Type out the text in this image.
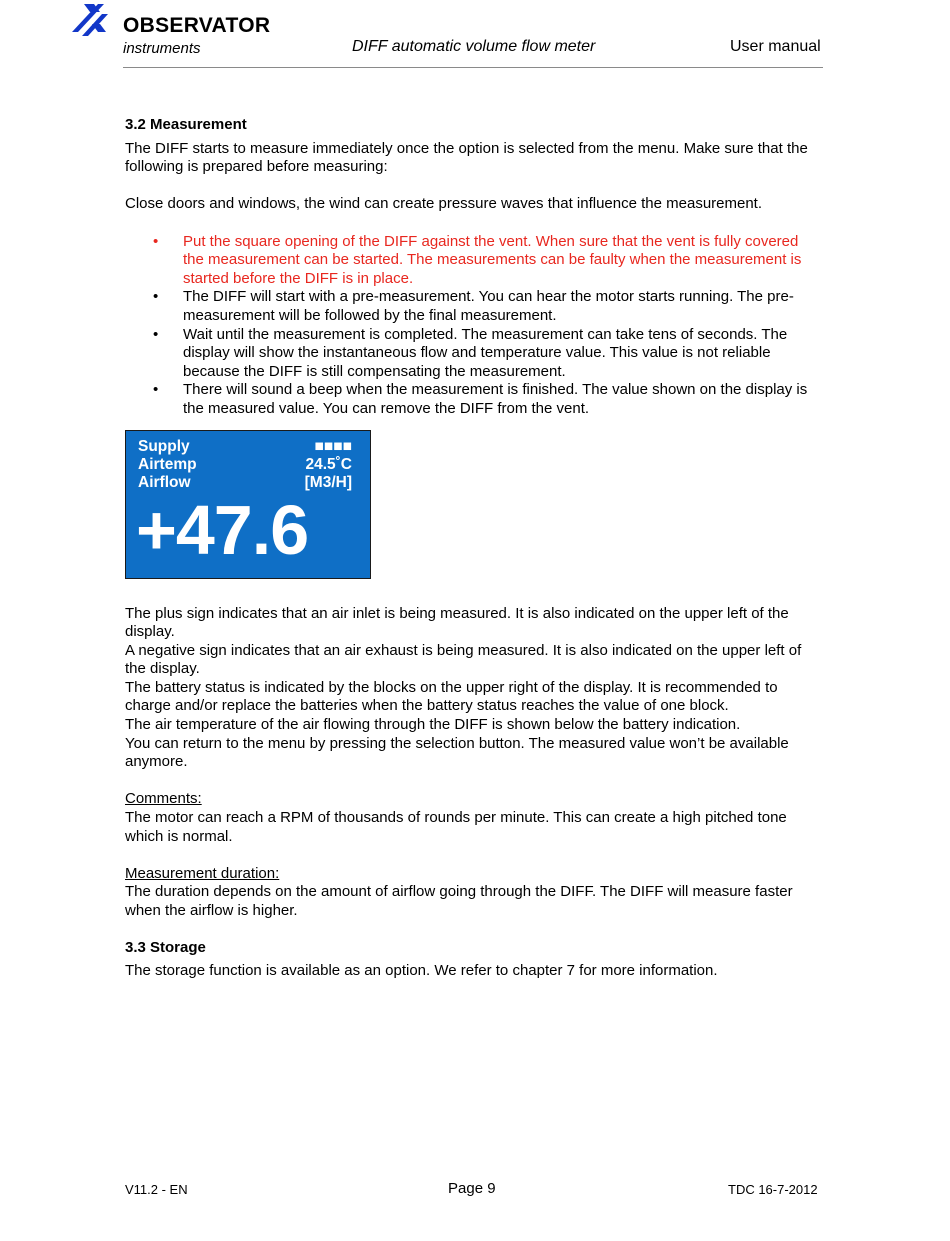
OBSERVATOR
instruments	DIFF automatic volume flow meter	User manual
3.2 Measurement

The DIFF starts to measure immediately once the option is selected from the menu. Make sure that the following is prepared before measuring:

Close doors and windows, the wind can create pressure waves that influence the measurement.

• Put the square opening of the DIFF against the vent. When sure that the vent is fully covered the measurement can be started. The measurements can be faulty when the measurement is started before the DIFF is in place.
• The DIFF will start with a pre-measurement. You can hear the motor starts running. The pre-measurement will be followed by the final measurement.
• Wait until the measurement is completed. The measurement can take tens of seconds. The display will show the instantaneous flow and temperature value. This value is not reliable because the DIFF is still compensating the measurement.
• There will sound a beep when the measurement is finished. The value shown on the display is the measured value. You can remove the DIFF from the vent.
Supply	■■■■
Airtemp	24.5˚C
Airflow	[M3/H]
+47.6

The plus sign indicates that an air inlet is being measured. It is also indicated on the upper left of the display.

A negative sign indicates that an air exhaust is being measured. It is also indicated on the upper left of the display.

The battery status is indicated by the blocks on the upper right of the display. It is recommended to charge and/or replace the batteries when the battery status reaches the value of one block.

The air temperature of the air flowing through the DIFF is shown below the battery indication.

You can return to the menu by pressing the selection button. The measured value won’t be available anymore.

Comments:

The motor can reach a RPM of thousands of rounds per minute. This can create a high pitched tone which is normal.

Measurement duration:

The duration depends on the amount of airflow going through the DIFF. The DIFF will measure faster when the airflow is higher.

3.3 Storage

The storage function is available as an option. We refer to chapter 7 for more information.

V11.2 - EN	Page 9	TDC 16-7-2012
